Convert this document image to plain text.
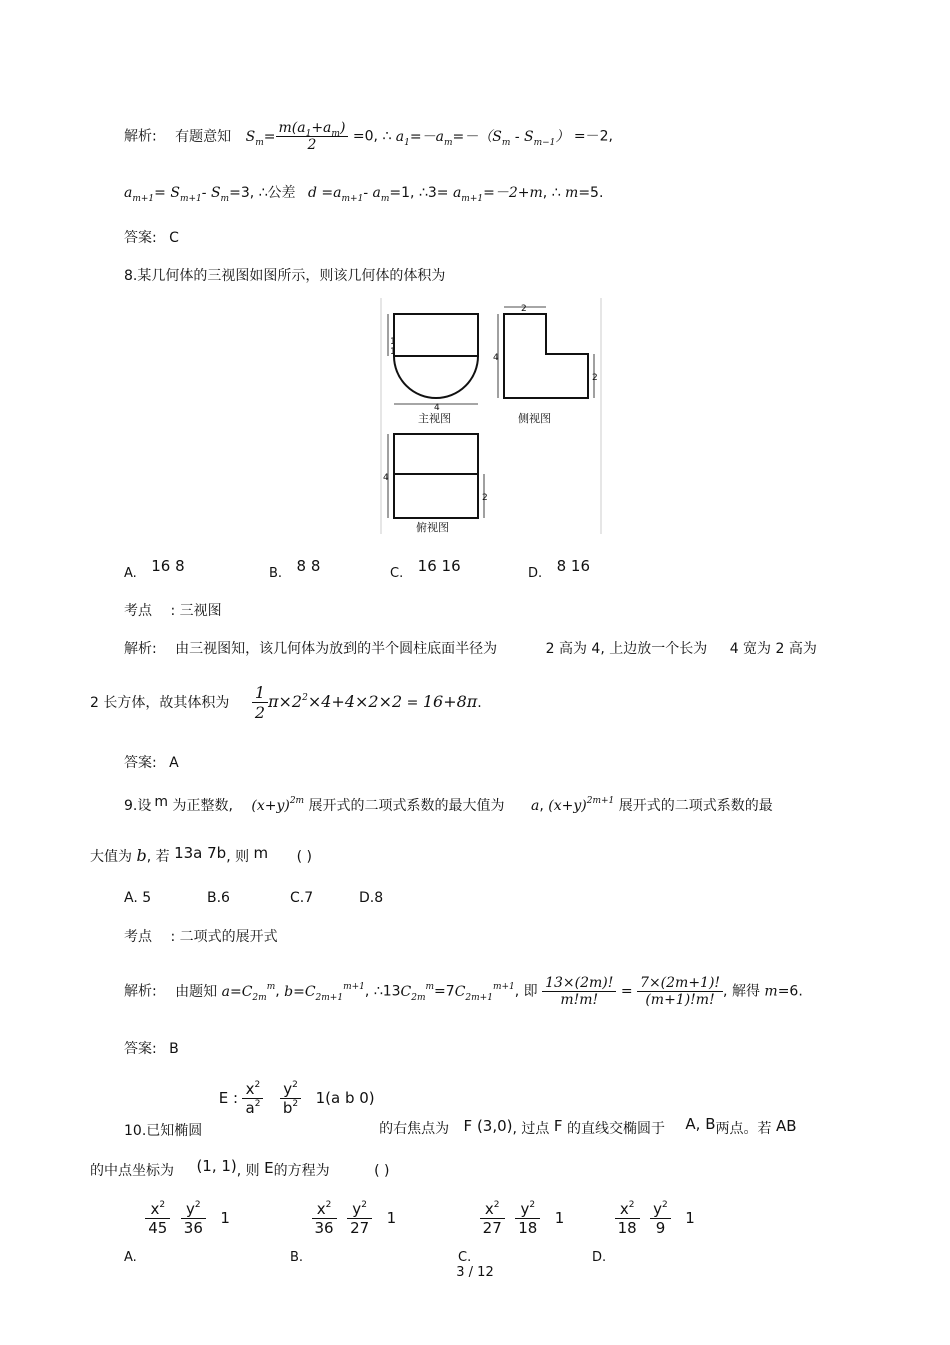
解析: 有题意知 $S_m= \frac{m(a_1+a_m)}{2} =0$, ∴ $a_1=-a_m=-(S_m - S_{m-1}) =-2$,
$a_{m+1}= S_{m+1}-$ $S_m=3$, ∴公差 $d =a_{m+1}-$ $a_m=1$, ∴3= $a_{m+1}=-2+m$, ∴ m=5.
答案: C
8.某几何体的三视图如图所示，则该几何体的体积为
1
1
4
主视图
2
4
2
侧视图
4
2
俯视图
A. 16 8	B. 8 8	C. 16 16	D. 8 16
考点 : 三视图
解析: 由三视图知，该几何体为放到的半个圆柱底面半径为	2 高为 4, 上边放一个长为 4 宽为 2 高为
2 长方体，故其体积为 $\frac{1}{2} \pi\times 2^2\times 4+4\times 2\times 2 = 16+8\pi$.
答案: A
9.设 m 为正整数, $(x+y)^{2m}$ 展开式的二项式系数的最大值为 a, $(x+y)^{2m+1}$ 展开式的二项式系数的最
大值为 b, 若 13a 7b, 则 m ( )
A. 5	B.6	C.7	D.8
考点 : 二项式的展开式
解析: 由题知 $a=C_{2m}^m$, $b=C_{2m+1}^{m+1}$, $\therefore 13C_{2m}^m=7C_{2m+1}^{m+1}$, 即 $\frac{13\times(2m)!}{m!m!} = \frac{7\times(2m+1)!}{(m+1)!m!}$ , 解得 m=6.
答案: B
10.已知椭圆 E : $\frac{x^2}{a^2}$
$\frac{y^2}{b^2} 1(a$ b 0) 的右焦点为 F (3,0), 过点 F 的直线交椭圆于 A, B两点。若 AB
的中点坐标为 (1, 1), 则 E的方程为	( )
A.
$\frac{x^2}{45}$
$\frac{y^2}{36} 1$
B.
$\frac{x^2}{36}$
$\frac{y^2}{27} 1$
C.
$\frac{x^2}{27}$
$\frac{y^2}{18} 1$
D.
$\frac{x^2}{18}$
$\frac{y^2}{9} 1$
3 / 12
